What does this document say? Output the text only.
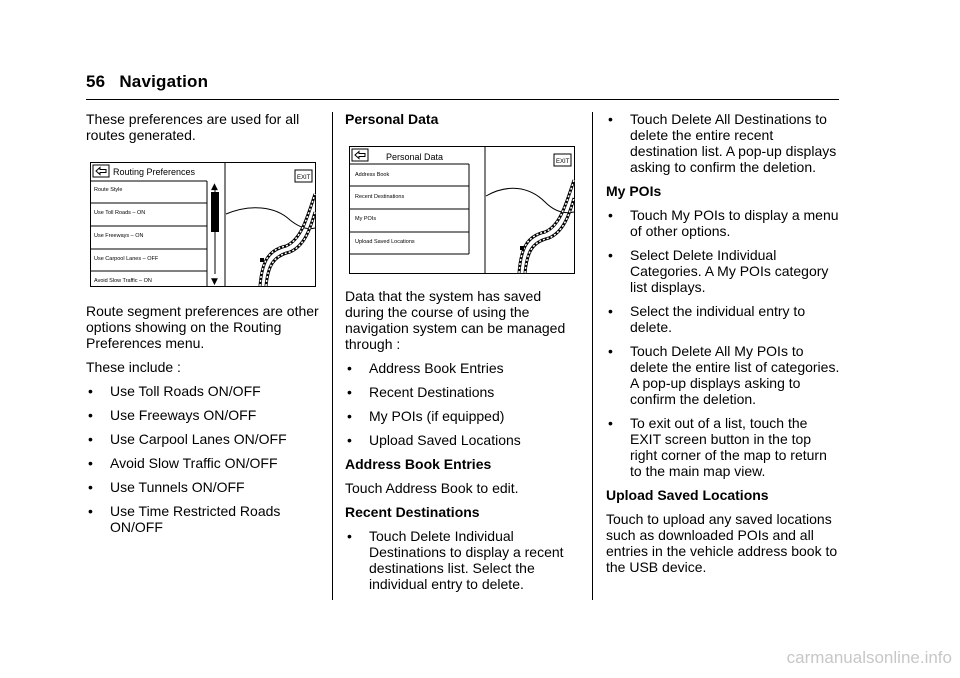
56 Navigation

These preferences are used for all routes generated.

Routing Preferences
Route Style
Use Toll Roads – ON
Use Freeways – ON
Use Carpool Lanes – OFF
Avoid Slow Traffic – ON
▲
▼
EXIT

Route segment preferences are other options showing on the Routing Preferences menu.

These include :

• Use Toll Roads ON/OFF
• Use Freeways ON/OFF
• Use Carpool Lanes ON/OFF
• Avoid Slow Traffic ON/OFF
• Use Tunnels ON/OFF
• Use Time Restricted Roads ON/OFF
Personal Data
Personal Data
Address Book
Recent Destinations
My POIs
Upload Saved Locations
EXIT

Data that the system has saved during the course of using the navigation system can be managed through :

• Address Book Entries
• Recent Destinations
• My POIs (if equipped)
• Upload Saved Locations
Address Book Entries

Touch Address Book to edit.

Recent Destinations
• Touch Delete Individual Destinations to display a recent destinations list. Select the individual entry to delete.
• Touch Delete All Destinations to delete the entire recent destination list. A pop-up displays asking to confirm the deletion.
My POIs
• Touch My POIs to display a menu of other options.
• Select Delete Individual Categories. A My POIs category list displays.
• Select the individual entry to delete.
• Touch Delete All My POIs to delete the entire list of categories. A pop-up displays asking to confirm the deletion.
• To exit out of a list, touch the EXIT screen button in the top right corner of the map to return to the main map view.
Upload Saved Locations

Touch to upload any saved locations such as downloaded POIs and all entries in the vehicle address book to the USB device.

carmanualsonline.info
